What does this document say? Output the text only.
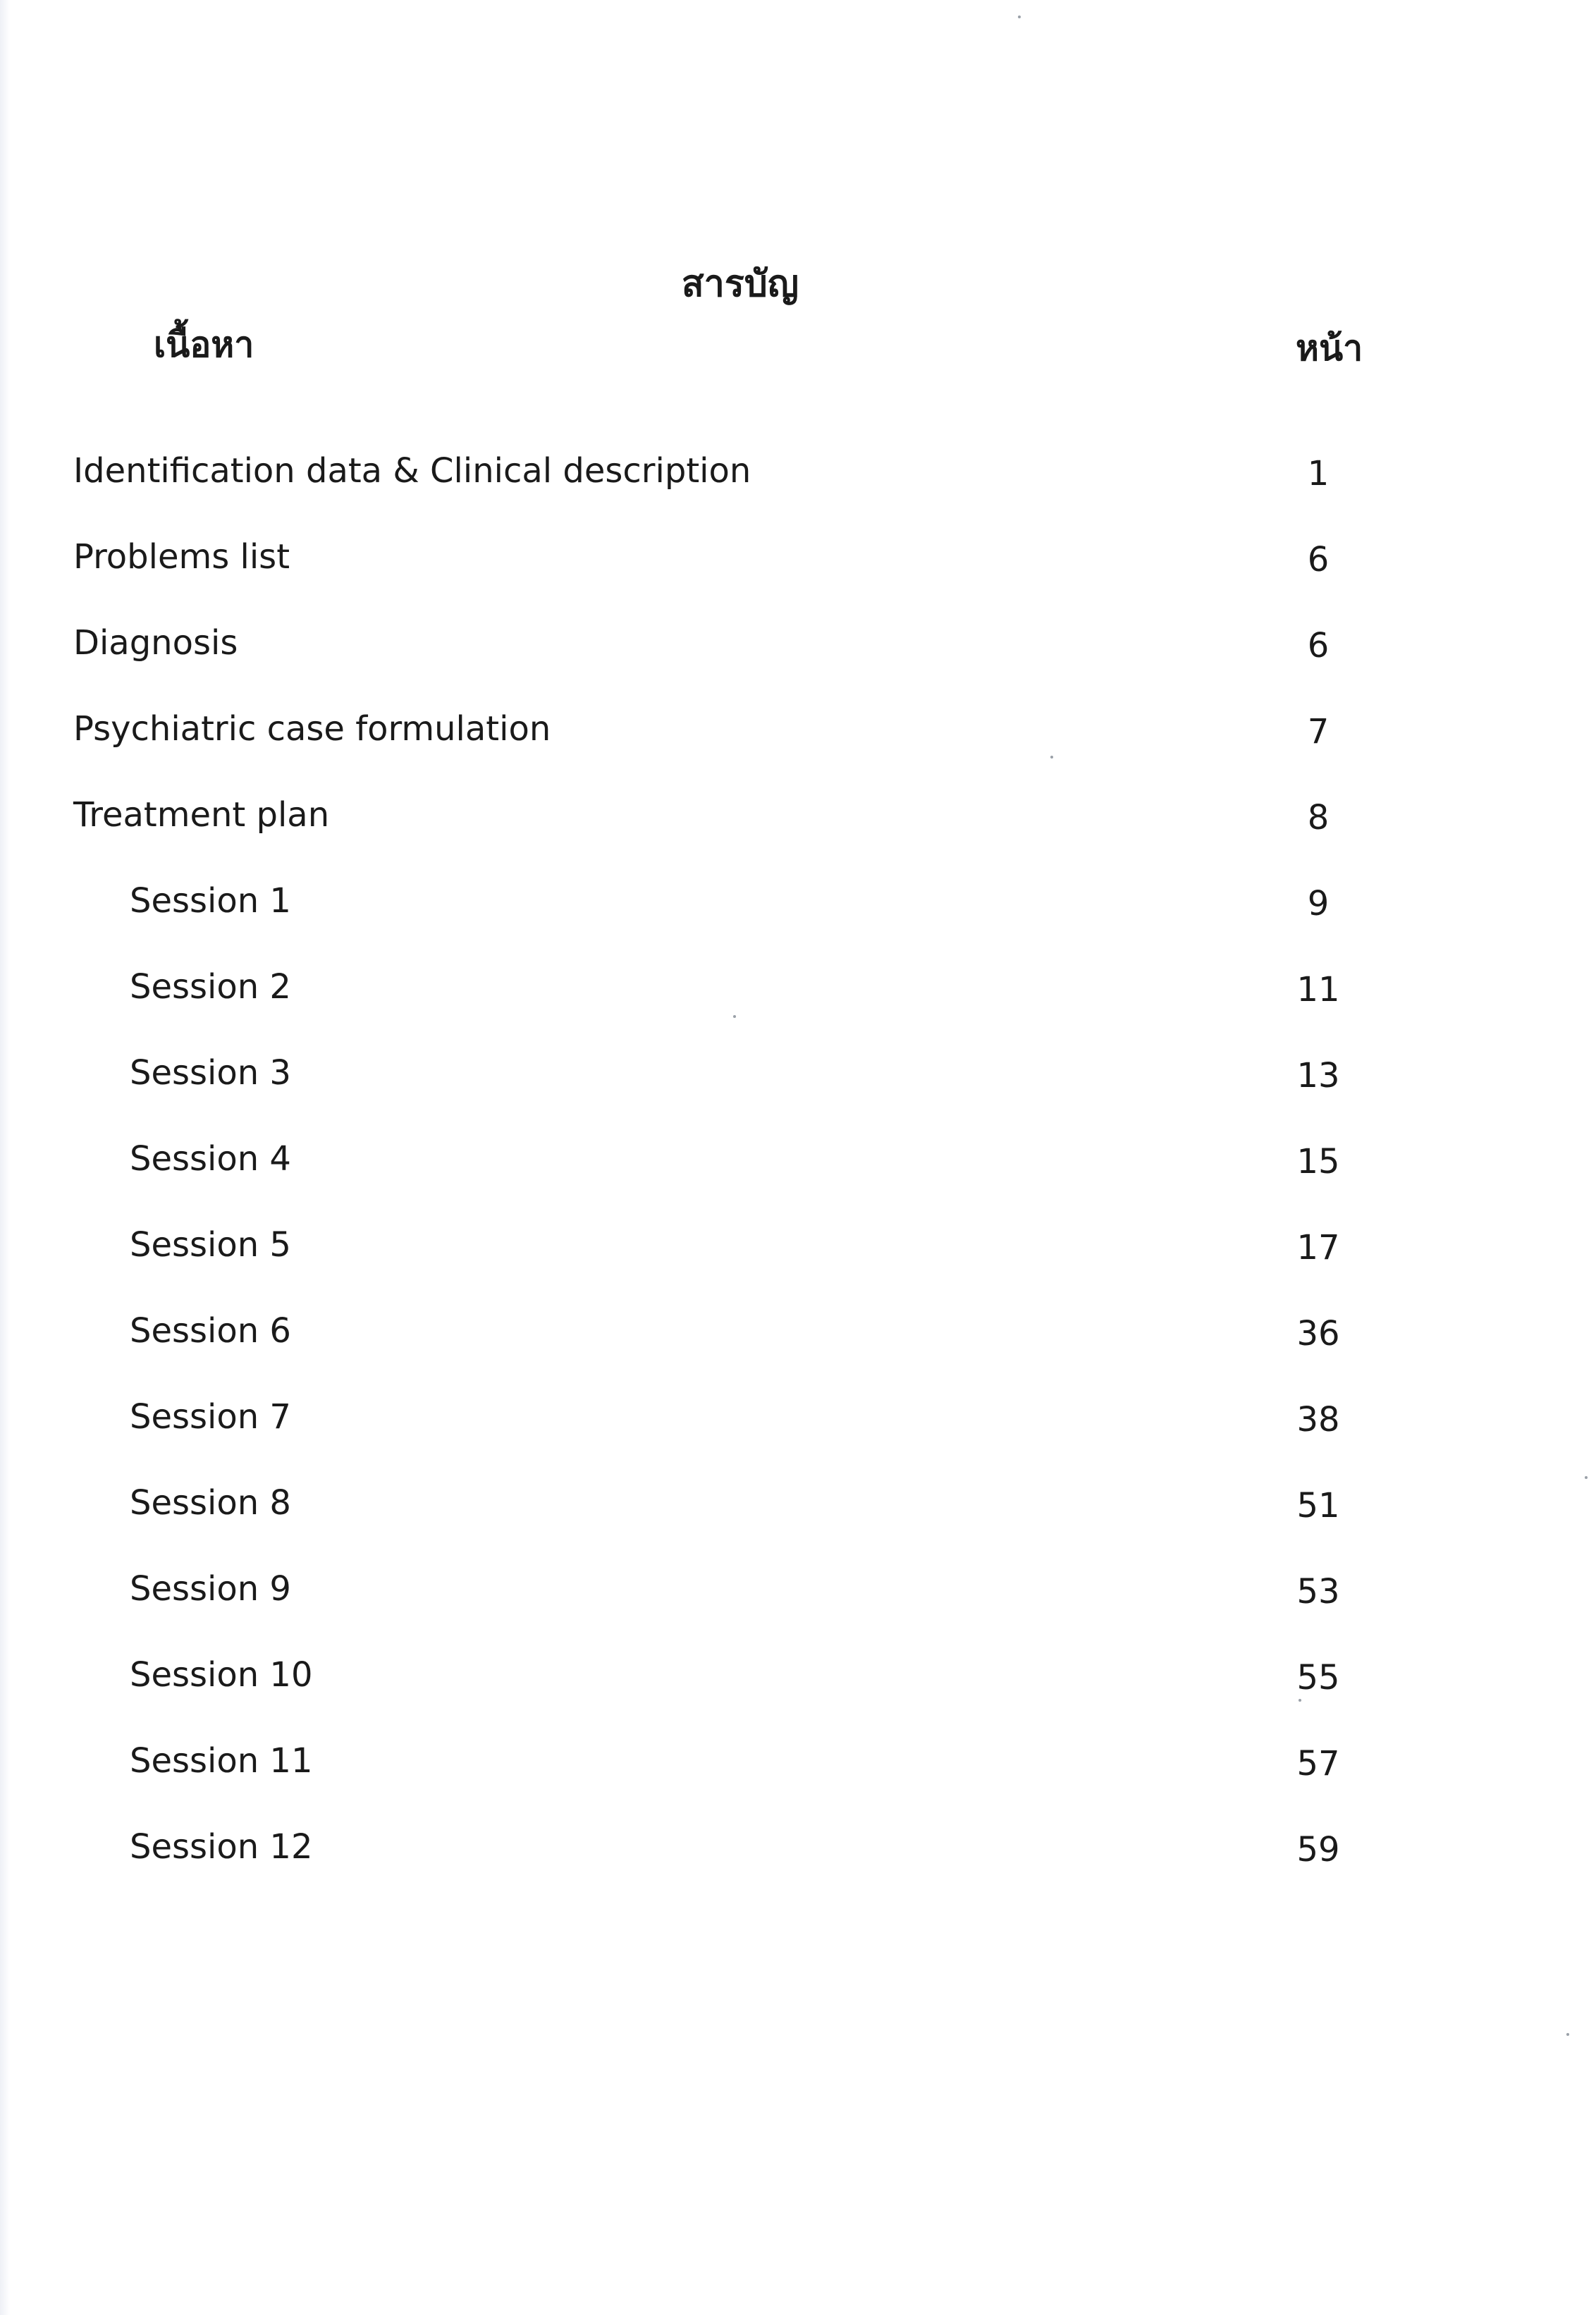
สารบัญ
เนื้อหา	หน้า
Identification data & Clinical description	1
Problems list	6
Diagnosis	6
Psychiatric case formulation	7
Treatment plan	8
Session 1	9
Session 2	11
Session 3	13
Session 4	15
Session 5	17
Session 6	36
Session 7	38
Session 8	51
Session 9	53
Session 10	55
Session 11	57
Session 12	59
